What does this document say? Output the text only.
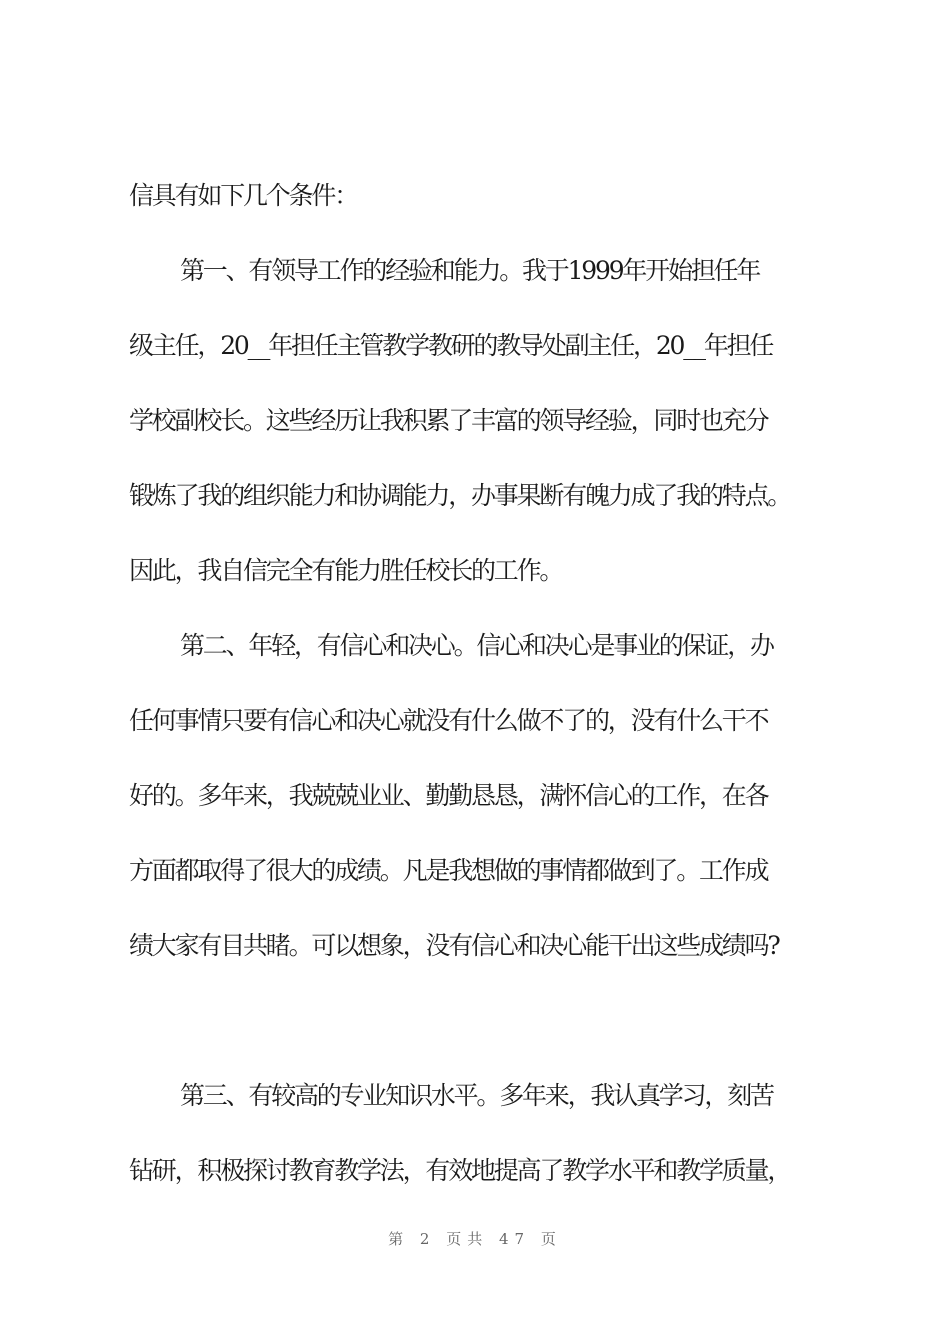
信具有如下几个条件：
第一、有领导工作的经验和能力。我于1999年开始担任年
级主任，20__年担任主管教学教研的教导处副主任，20__年担任
学校副校长。这些经历让我积累了丰富的领导经验，同时也充分
锻炼了我的组织能力和协调能力，办事果断有魄力成了我的特点。
因此，我自信完全有能力胜任校长的工作。
第二、年轻，有信心和决心。信心和决心是事业的保证，办
任何事情只要有信心和决心就没有什么做不了的，没有什么干不
好的。多年来，我兢兢业业、勤勤恳恳，满怀信心的工作，在各
方面都取得了很大的成绩。凡是我想做的事情都做到了。工作成
绩大家有目共睹。可以想象，没有信心和决心能干出这些成绩吗?
第三、有较高的专业知识水平。多年来，我认真学习，刻苦
钻研，积极探讨教育教学法，有效地提高了教学水平和教学质量，
第 2 页共 47 页
